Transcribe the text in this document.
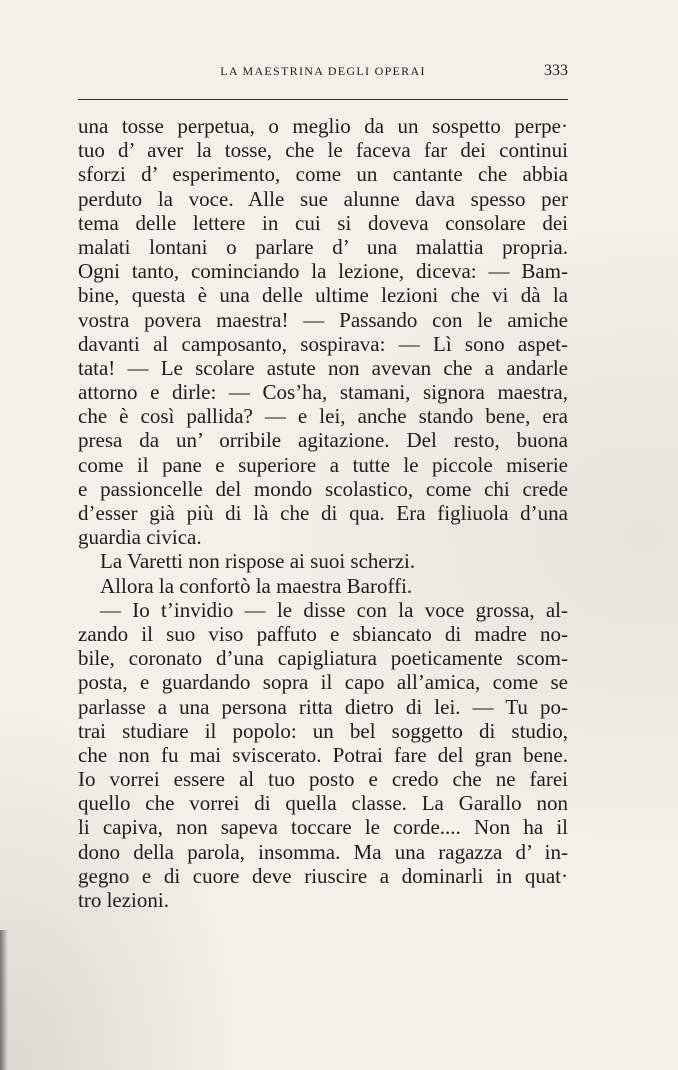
LA MAESTRINA DEGLI OPERAI	333
una tosse perpetua, o meglio da un sospetto perpe·
tuo d’ aver la tosse, che le faceva far dei continui
sforzi d’ esperimento, come un cantante che abbia
perduto la voce. Alle sue alunne dava spesso per
tema delle lettere in cui si doveva consolare dei
malati lontani o parlare d’ una malattia propria.
Ogni tanto, cominciando la lezione, diceva: — Bam-
bine, questa è una delle ultime lezioni che vi dà la
vostra povera maestra! — Passando con le amiche
davanti al camposanto, sospirava: — Lì sono aspet-
tata! — Le scolare astute non avevan che a andarle
attorno e dirle: — Cos’ha, stamani, signora maestra,
che è così pallida? — e lei, anche stando bene, era
presa da un’ orribile agitazione. Del resto, buona
come il pane e superiore a tutte le piccole miserie
e passioncelle del mondo scolastico, come chi crede
d’esser già più di là che di qua. Era figliuola d’una
guardia civica.
La Varetti non rispose ai suoi scherzi.
Allora la confortò la maestra Baroffi.
— Io t’invidio — le disse con la voce grossa, al-
zando il suo viso paffuto e sbiancato di madre no-
bile, coronato d’una capigliatura poeticamente scom-
posta, e guardando sopra il capo all’amica, come se
parlasse a una persona ritta dietro di lei. — Tu po-
trai studiare il popolo: un bel soggetto di studio,
che non fu mai sviscerato. Potrai fare del gran bene.
Io vorrei essere al tuo posto e credo che ne farei
quello che vorrei di quella classe. La Garallo non
li capiva, non sapeva toccare le corde.... Non ha il
dono della parola, insomma. Ma una ragazza d’ in-
gegno e di cuore deve riuscire a dominarli in quat·
tro lezioni.
